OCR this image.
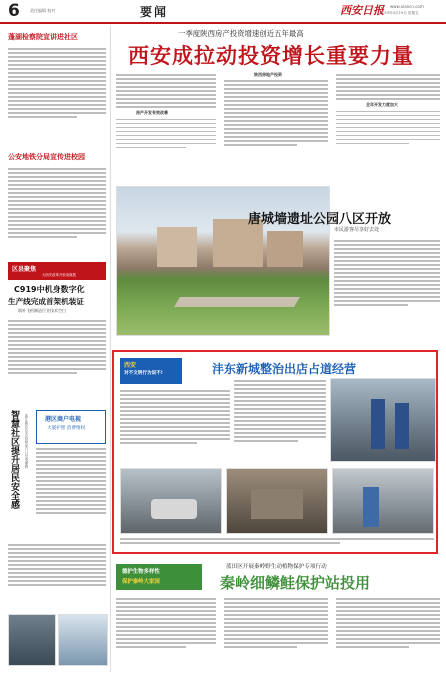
6	责任编辑 校对	要闻	西安日报 www.xiancn.com
2019年4月19日 星期五
蓬湖检察院宣讲进社区
公安地铁分局宣传进校园
区县聚焦
大西安改革开放成就展
C919中机身数字化
生产线完成首架机装证
填补飞机制造行业技术空白
智慧社区提升居民安全感	曲江新区长安区居民家门口享受便利	港区商户电视
大厦护照 消费维权
一季度陕西房产投资增速创近五年最高
西安成拉动投资增长重要力量
房产开发有效改善
陕西房地产投资
全年开发力度加大
唐城墙遗址公园八区开放
市民游客尽享好去处
西安
对不文明行为说不!	沣东新城整治出店占道经营
德护生物多样性
保护秦岭大家园
蓝田区开展秦岭野生动植物保护专项行动
秦岭细鳞鲑保护站投用
